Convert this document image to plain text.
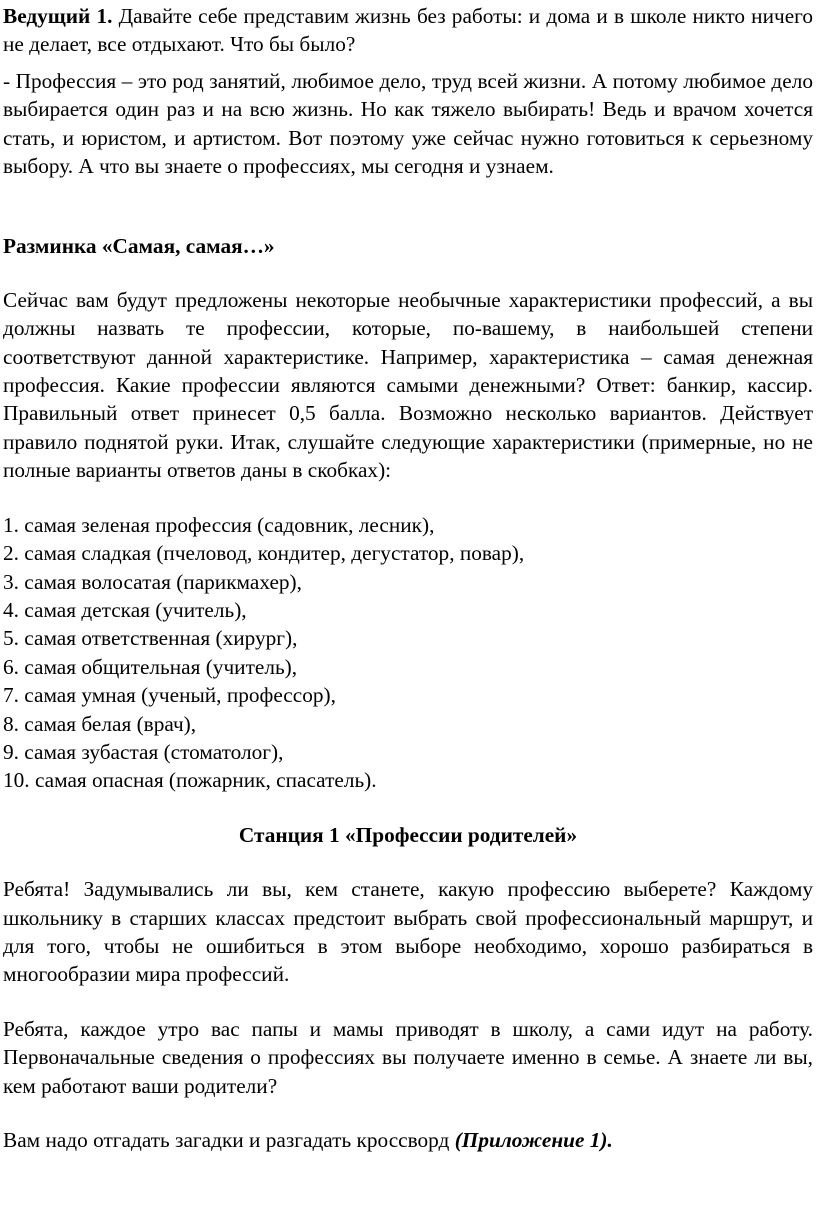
Ведущий 1. Давайте себе представим жизнь без работы: и дома и в школе никто ничего не делает, все отдыхают. Что бы было?

- Профессия – это род занятий, любимое дело, труд всей жизни. А потому любимое дело выбирается один раз и на всю жизнь. Но как тяжело выбирать! Ведь и врачом хочется стать, и юристом, и артистом. Вот поэтому уже сейчас нужно готовиться к серьезному выбору. А что вы знаете о профессиях, мы сегодня и узнаем.

Разминка «Самая, самая…»

Сейчас вам будут предложены некоторые необычные характеристики профессий, а вы должны назвать те профессии, которые, по-вашему, в наибольшей степени соответствуют данной характеристике. Например, характеристика – самая денежная профессия. Какие профессии являются самыми денежными? Ответ: банкир, кассир. Правильный ответ принесет 0,5 балла. Возможно несколько вариантов. Действует правило поднятой руки. Итак, слушайте следующие характеристики (примерные, но не полные варианты ответов даны в скобках):

1. самая зеленая профессия (садовник, лесник),
2. самая сладкая (пчеловод, кондитер, дегустатор, повар),
3. самая волосатая (парикмахер),
4. самая детская (учитель),
5. самая ответственная (хирург),
6. самая общительная (учитель),
7. самая умная (ученый, профессор),
8. самая белая (врач),
9. самая зубастая (стоматолог),
10. самая опасная (пожарник, спасатель).

Станция 1 «Профессии родителей»

Ребята! Задумывались ли вы, кем станете, какую профессию выберете? Каждому школьнику в старших классах предстоит выбрать свой профессиональный маршрут, и для того, чтобы не ошибиться в этом выборе необходимо, хорошо разбираться в многообразии мира профессий.

Ребята, каждое утро вас папы и мамы приводят в школу, а сами идут на работу. Первоначальные сведения о профессиях вы получаете именно в семье. А знаете ли вы, кем работают ваши родители?

Вам надо отгадать загадки и разгадать кроссворд (Приложение 1).
